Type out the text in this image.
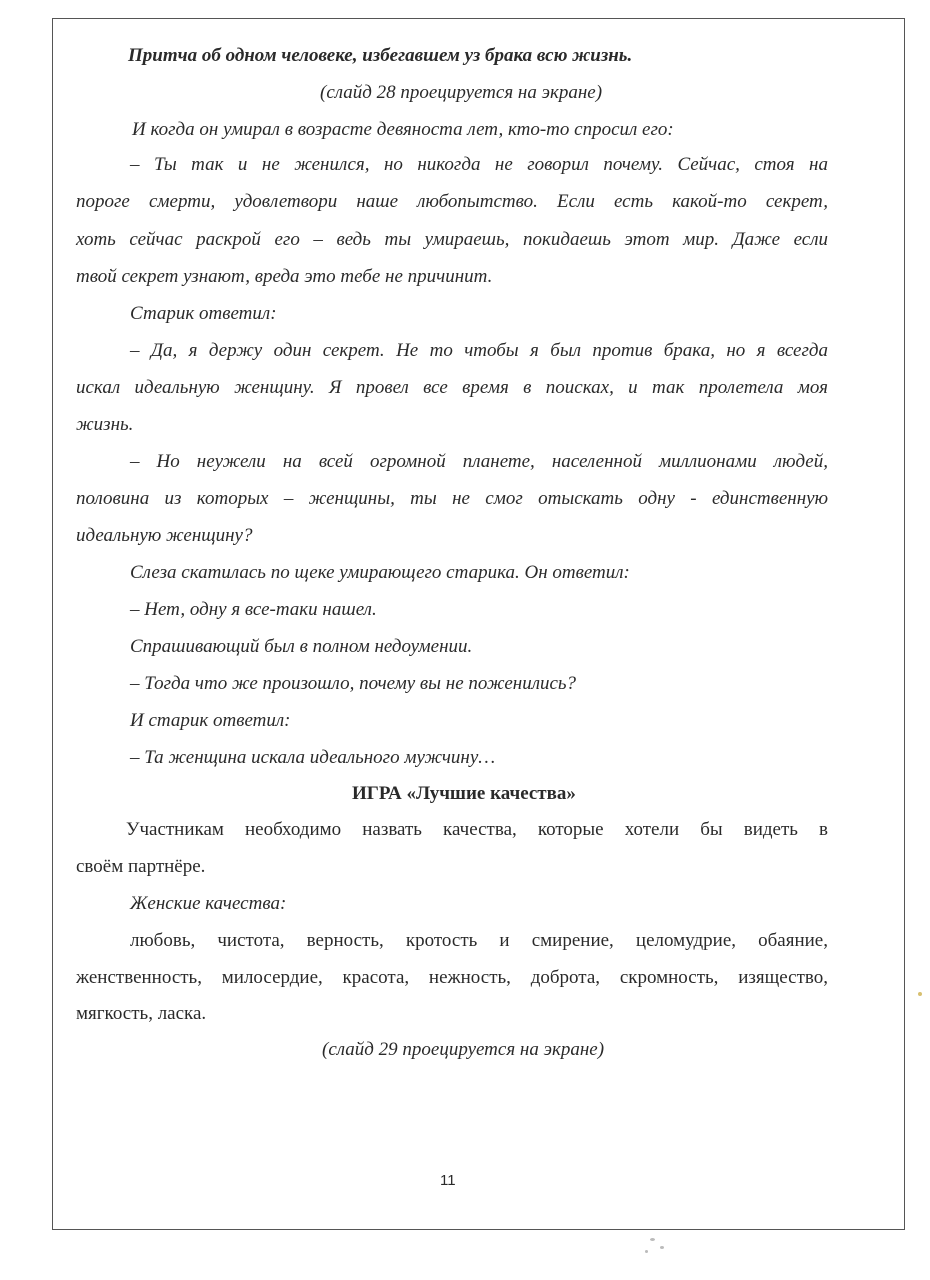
Притча об одном человеке, избегавшем уз брака всю жизнь.
(слайд 28 проецируется на экране)
И когда он умирал в возрасте девяноста лет, кто-то спросил его:
– Ты так и не женился, но никогда не говорил почему. Сейчас, стоя на
пороге смерти, удовлетвори наше любопытство. Если есть какой-то секрет,
хоть сейчас раскрой его – ведь ты умираешь, покидаешь этот мир. Даже если
твой секрет узнают, вреда это тебе не причинит.
Старик ответил:
– Да, я держу один секрет. Не то чтобы я был против брака, но я всегда
искал идеальную женщину. Я провел все время в поисках, и так пролетела моя
жизнь.
– Но неужели на всей огромной планете, населенной миллионами людей,
половина из которых – женщины, ты не смог отыскать одну - единственную
идеальную женщину?
Слеза скатилась по щеке умирающего старика. Он ответил:
– Нет, одну я все-таки нашел.
Спрашивающий был в полном недоумении.
– Тогда что же произошло, почему вы не поженились?
И старик ответил:
– Та женщина искала идеального мужчину…
ИГРА «Лучшие качества»
Участникам необходимо назвать качества, которые хотели бы видеть в
своём партнёре.
Женские качества:
любовь, чистота, верность, кротость и смирение, целомудрие, обаяние,
женственность, милосердие, красота, нежность, доброта, скромность, изящество,
мягкость, ласка.
(слайд 29 проецируется на экране)
11
